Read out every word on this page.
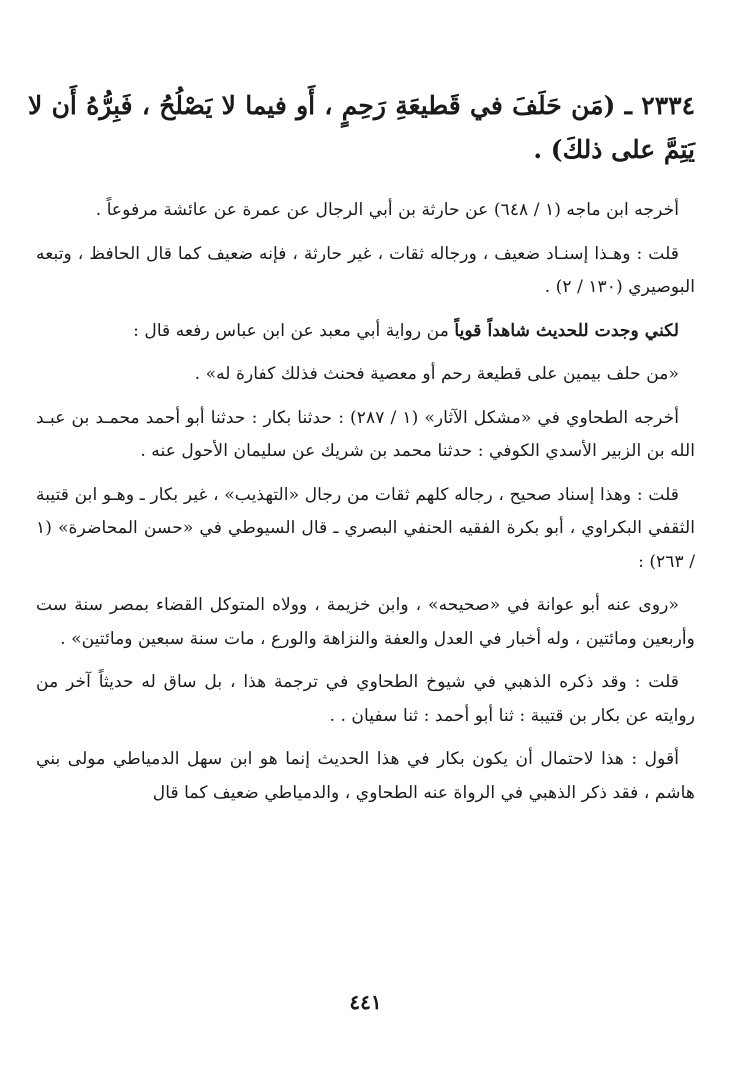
٢٣٣٤ ـ (مَن حَلَفَ في قَطيعَةِ رَحِمٍ ، أَو فيما لا يَصْلُحُ ، فَبِرُّهُ أَن لا يَتِمَّ على ذلكَ) .

أخرجه ابن ماجه (١ / ٦٤٨) عن حارثة بن أبي الرجال عن عمرة عن عائشة مرفوعاً .

قلت : وهـذا إسنـاد ضعيف ، ورجاله ثقات ، غير حارثة ، فإنه ضعيف كما قال الحافظ ، وتبعه البوصيري (١٣٠ / ٢) .

لكني وجدت للحديث شاهداً قوياً من رواية أبي معبد عن ابن عباس رفعه قال :

«من حلف بيمين على قطيعة رحم أو معصية فحنث فذلك كفارة له» .

أخرجه الطحاوي في «مشكل الآثار» (١ / ٢٨٧) : حدثنا بكار : حدثنا أبو أحمد محمـد بن عبـد الله بن الزبير الأسدي الكوفي : حدثنا محمد بن شريك عن سليمان الأحول عنه .

قلت : وهذا إسناد صحيح ، رجاله كلهم ثقات من رجال «التهذيب» ، غير بكار ـ وهـو ابن قتيبة الثقفي البكراوي ، أبو بكرة الفقيه الحنفي البصري ـ قال السيوطي في «حسن المحاضرة» (١ / ٢٦٣) :

«روى عنه أبو عوانة في «صحيحه» ، وابن خزيمة ، وولاه المتوكل القضاء بمصر سنة ست وأربعين ومائتين ، وله أخبار في العدل والعفة والنزاهة والورع ، مات سنة سبعين ومائتين» .

قلت : وقد ذكره الذهبي في شيوخ الطحاوي في ترجمة هذا ، بل ساق له حديثاً آخر من روايته عن بكار بن قتيبة : ثنا أبو أحمد : ثنا سفيان . .

أقول : هذا لاحتمال أن يكون بكار في هذا الحديث إنما هو ابن سهل الدمياطي مولى بني هاشم ، فقد ذكر الذهبي في الرواة عنه الطحاوي ، والدمياطي ضعيف كما قال

٤٤١
